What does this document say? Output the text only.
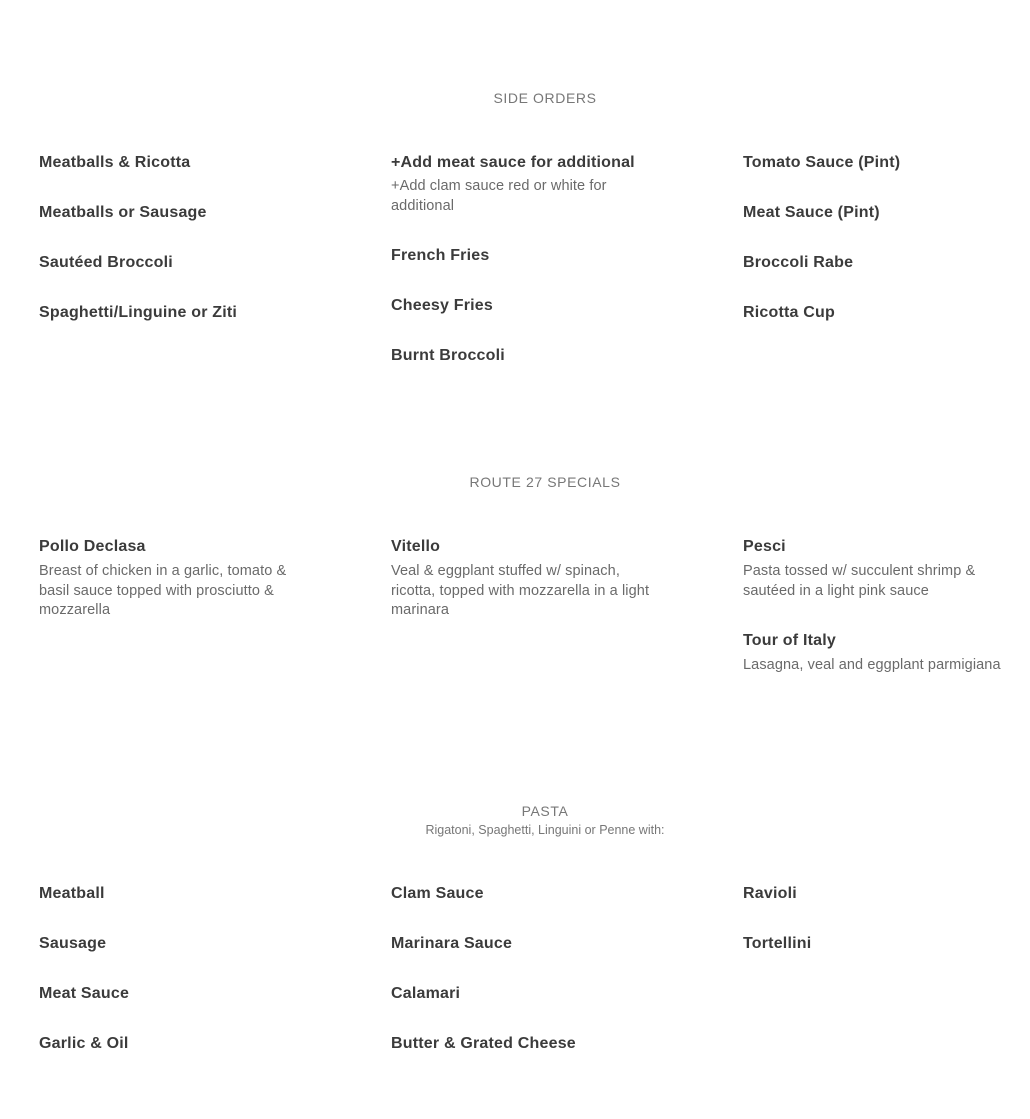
SIDE ORDERS
Meatballs & Ricotta
Meatballs or Sausage
Sautéed Broccoli
Spaghetti/Linguine or Ziti
+Add meat sauce for additional
+Add clam sauce red or white for additional
French Fries
Cheesy Fries
Burnt Broccoli
Tomato Sauce (Pint)
Meat Sauce (Pint)
Broccoli Rabe
Ricotta Cup
ROUTE 27 SPECIALS
Pollo Declasa
Breast of chicken in a garlic, tomato & basil sauce topped with prosciutto & mozzarella
Vitello
Veal & eggplant stuffed w/ spinach, ricotta, topped with mozzarella in a light marinara
Pesci
Pasta tossed w/ succulent shrimp & sautéed in a light pink sauce
Tour of Italy
Lasagna, veal and eggplant parmigiana
PASTA
Rigatoni, Spaghetti, Linguini or Penne with:
Meatball
Sausage
Meat Sauce
Garlic & Oil
Clam Sauce
Marinara Sauce
Calamari
Butter & Grated Cheese
Ravioli
Tortellini
